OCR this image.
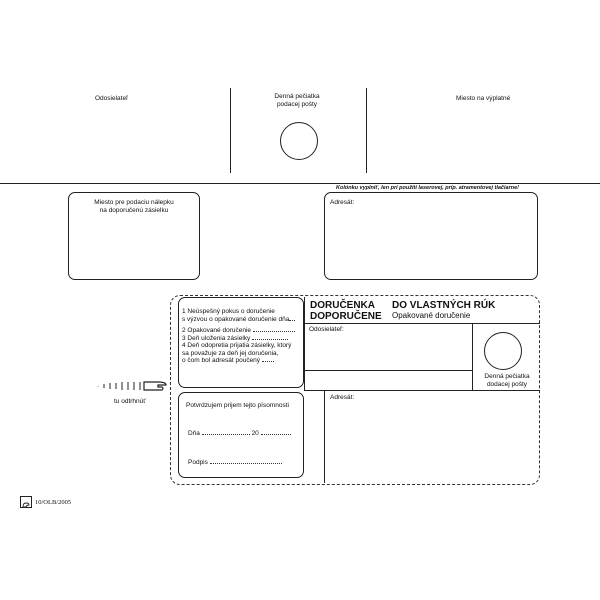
Odosielateľ	Denná pečiatka
podacej pošty
Miesto na výplatné
Miesto pre podaciu nálepku
na doporučenú zásielku
Kolónku vyplniť, len pri použití laserovej, príp. atramentovej tlačiarne!
Adresát:
tu odtrhnúť
1 Neúspešný pokus o doručenie
s výzvou o opakované doručenie dňa
2 Opakované doručenie
3 Deň uloženia zásielky
4 Deň odopretia prijatia zásielky, ktorý
sa považuje za deň jej doručenia,
o čom bol adresát poučený
Potvrdzujem prijem tejto písomnosti
Dňa	20
Podpis
DORUČENKA
DOPORUČENE
DO VLASTNÝCH RÚK
Opakované doručenie
Odosielateľ:
Denná pečiatka
dodacej pošty
Adresát:
10/OLB/2005
